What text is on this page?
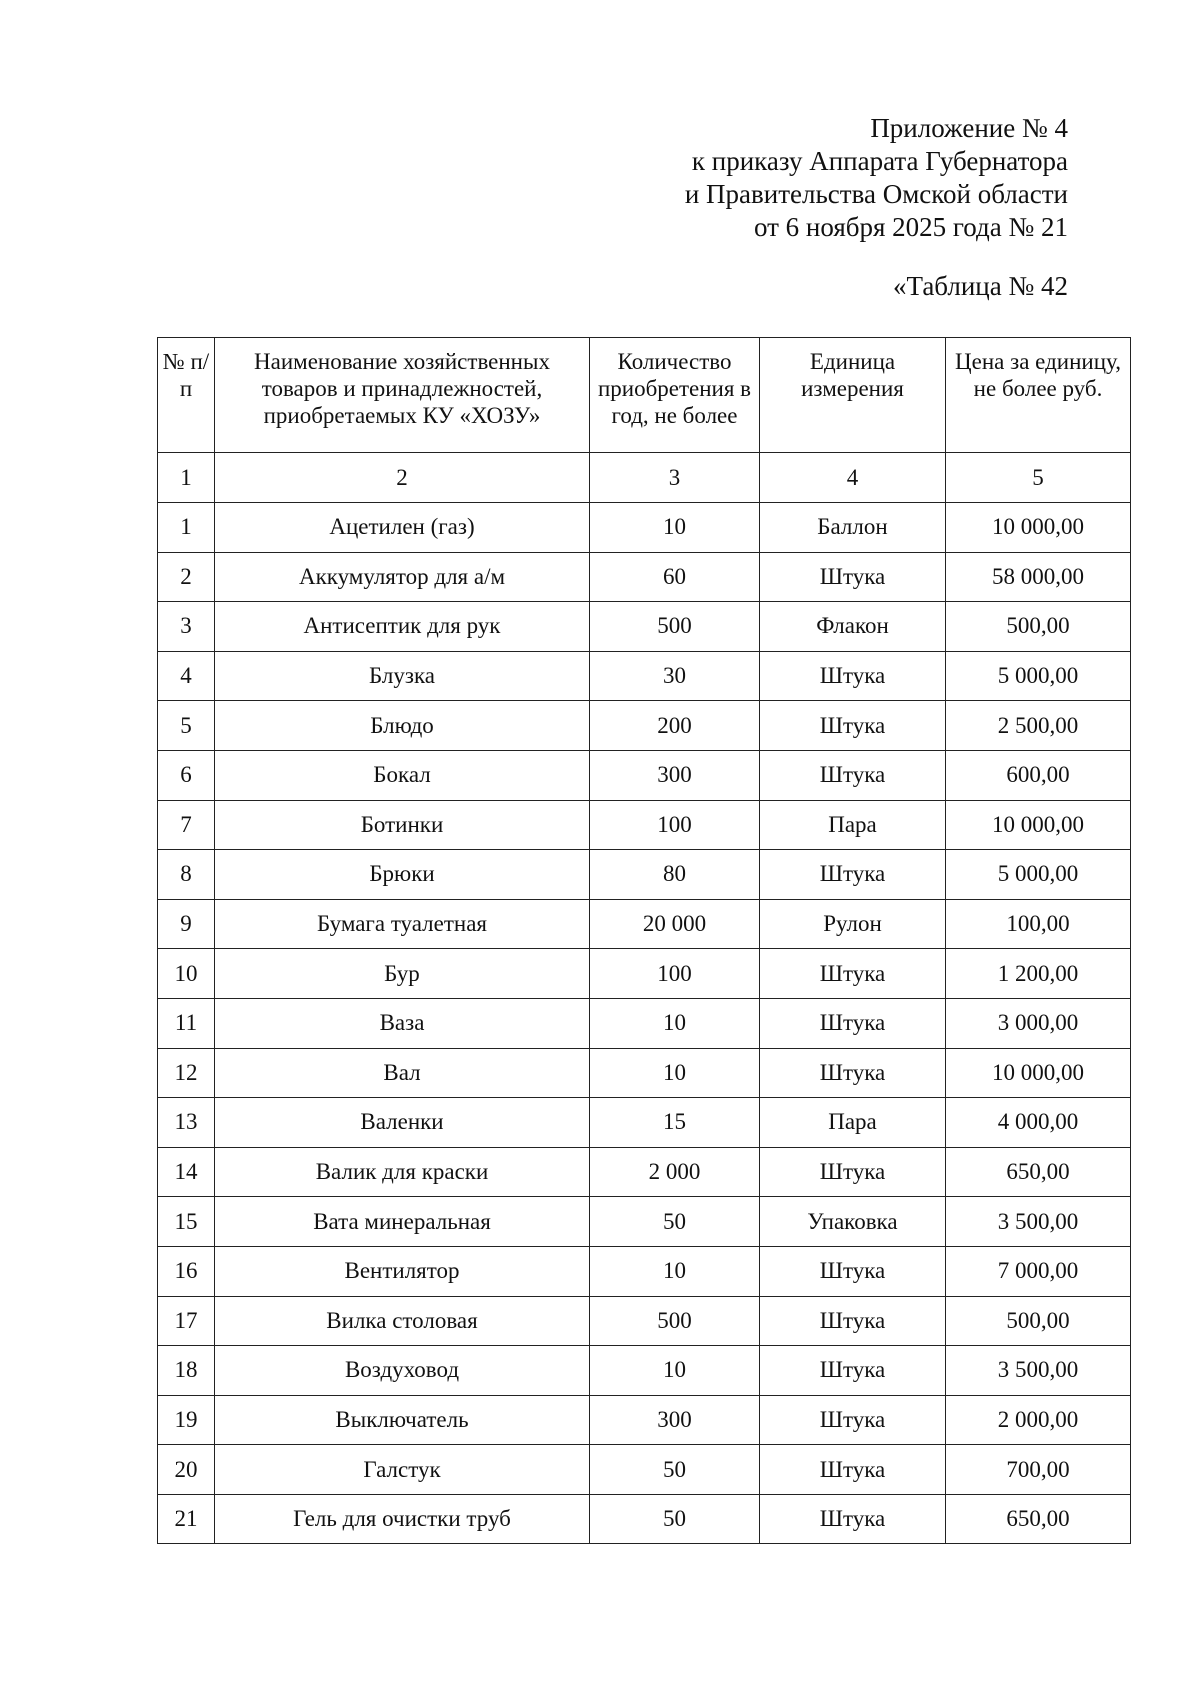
Приложение № 4
к приказу Аппарата Губернатора
и Правительства Омской области
от 6 ноября 2025 года № 21
«Таблица № 42
№ п/п	Наименование хозяйственных товаров и принадлежностей, приобретаемых КУ «ХОЗУ»	Количество приобретения в год, не более	Единица измерения	Цена за единицу, не более руб.
1	2	3	4	5
1	Ацетилен (газ)	10	Баллон	10 000,00
2	Аккумулятор для а/м	60	Штука	58 000,00
3	Антисептик для рук	500	Флакон	500,00
4	Блузка	30	Штука	5 000,00
5	Блюдо	200	Штука	2 500,00
6	Бокал	300	Штука	600,00
7	Ботинки	100	Пара	10 000,00
8	Брюки	80	Штука	5 000,00
9	Бумага туалетная	20 000	Рулон	100,00
10	Бур	100	Штука	1 200,00
11	Ваза	10	Штука	3 000,00
12	Вал	10	Штука	10 000,00
13	Валенки	15	Пара	4 000,00
14	Валик для краски	2 000	Штука	650,00
15	Вата минеральная	50	Упаковка	3 500,00
16	Вентилятор	10	Штука	7 000,00
17	Вилка столовая	500	Штука	500,00
18	Воздуховод	10	Штука	3 500,00
19	Выключатель	300	Штука	2 000,00
20	Галстук	50	Штука	700,00
21	Гель для очистки труб	50	Штука	650,00
